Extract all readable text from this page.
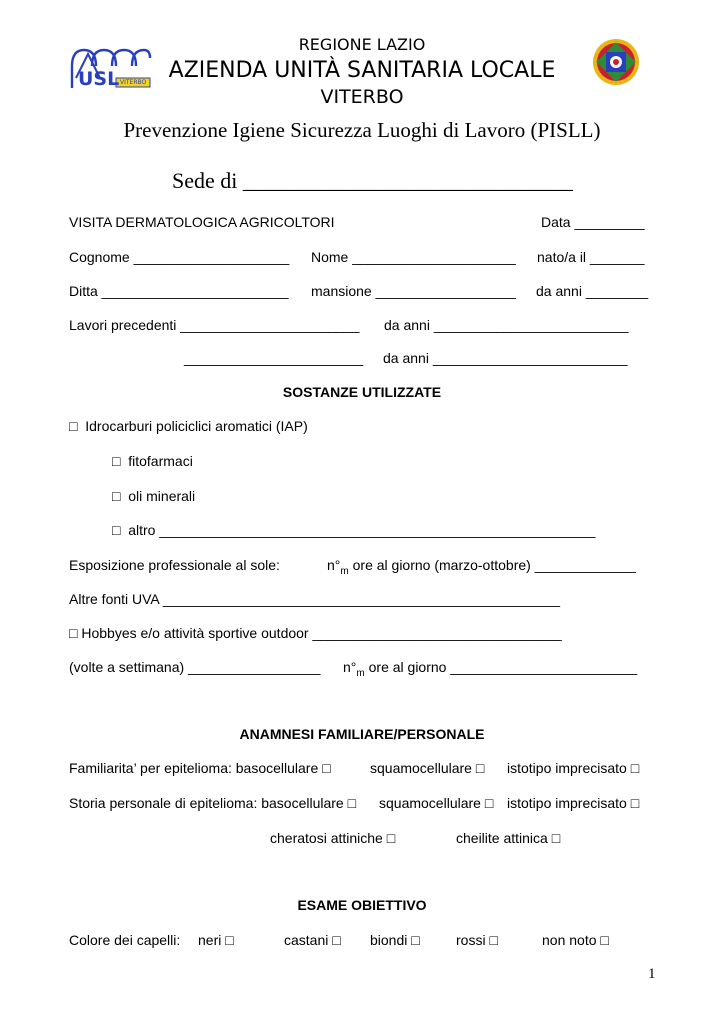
USL VITERBO
REGIONE LAZIO
AZIENDA UNITÀ SANITARIA LOCALE
VITERBO
Prevenzione Igiene Sicurezza Luoghi di Lavoro (PISLL)
Sede di ______________________________
VISITA DERMATOLOGICA AGRICOLTORI	Data _________
Cognome ____________________ Nome _____________________ nato/a il _______
Ditta ________________________ mansione __________________ da anni ________
Lavori precedenti _______________________ da anni _________________________
_______________________ da anni _________________________
SOSTANZE UTILIZZATE
□  Idrocarburi policiclici aromatici (IAP)
□  fitofarmaci
□  oli minerali
□  altro ________________________________________________________
Esposizione professionale al sole:	$n^\circ_m$ ore al giorno (marzo-ottobre) _____________
Altre fonti UVA ___________________________________________________
□ Hobbyes e/o attività sportive outdoor ________________________________
(volte a settimana) _________________ $n^\circ_m$ ore al giorno ________________________
ANAMNESI FAMILIARE/PERSONALE
Familiarita’ per epitelioma: basocellulare □	squamocellulare □ istotipo imprecisato □
Storia personale di epitelioma: basocellulare □ squamocellulare □ istotipo imprecisato □
cheratosi attiniche □	cheilite attinica □
ESAME OBIETTIVO
Colore dei capelli: neri □	castani □ biondi □	rossi □	non noto □
1
